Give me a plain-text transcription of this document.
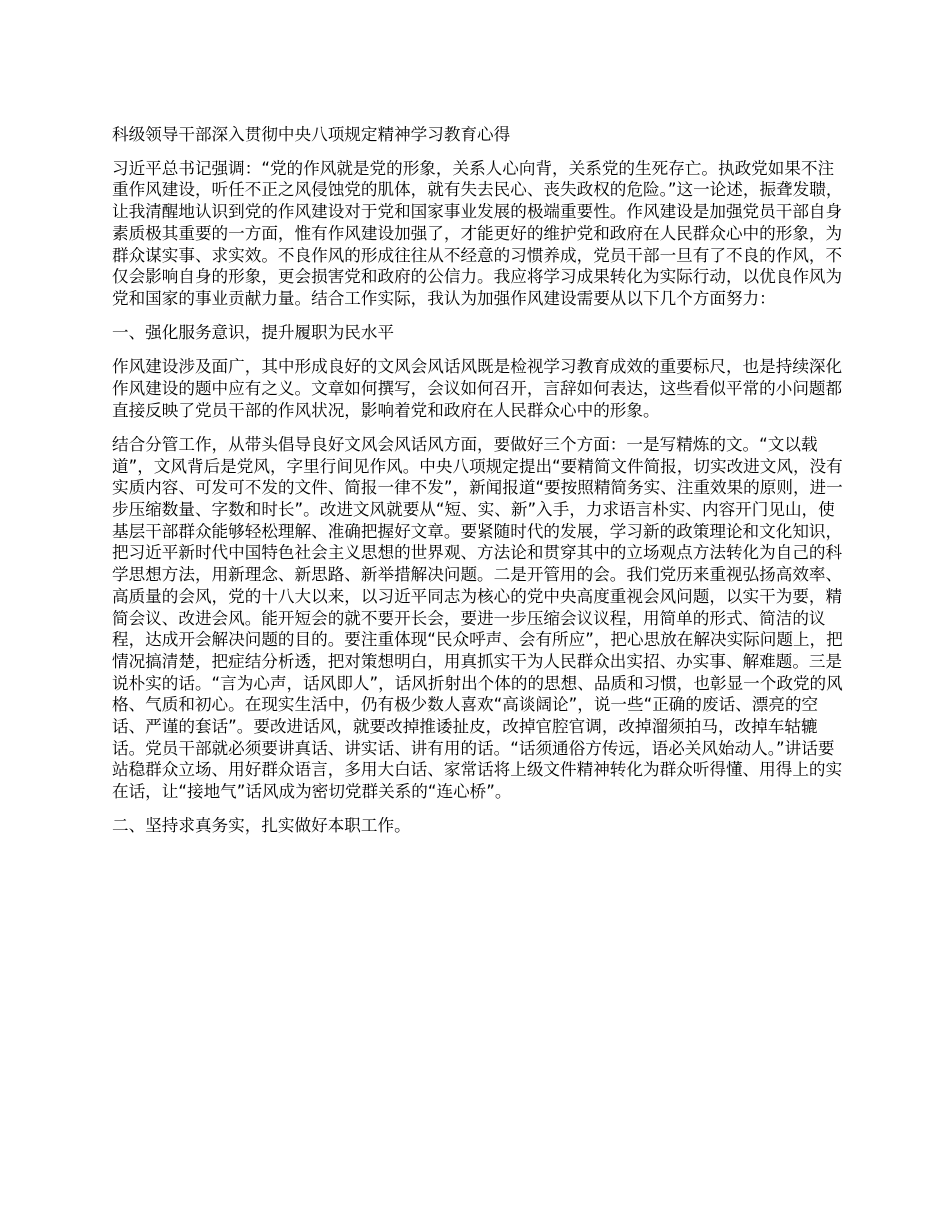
科级领导干部深入贯彻中央八项规定精神学习教育心得
习近平总书记强调：“党的作风就是党的形象，关系人心向背，关系党的生死存亡。执政党如果不注重作风建设，听任不正之风侵蚀党的肌体，就有失去民心、丧失政权的危险。”这一论述，振聋发聩，让我清醒地认识到党的作风建设对于党和国家事业发展的极端重要性。作风建设是加强党员干部自身素质极其重要的一方面，惟有作风建设加强了，才能更好的维护党和政府在人民群众心中的形象，为群众谋实事、求实效。不良作风的形成往往从不经意的习惯养成，党员干部一旦有了不良的作风，不仅会影响自身的形象，更会损害党和政府的公信力。我应将学习成果转化为实际行动，以优良作风为党和国家的事业贡献力量。结合工作实际，我认为加强作风建设需要从以下几个方面努力：
一、强化服务意识，提升履职为民水平
作风建设涉及面广，其中形成良好的文风会风话风既是检视学习教育成效的重要标尺，也是持续深化作风建设的题中应有之义。文章如何撰写，会议如何召开，言辞如何表达，这些看似平常的小问题都直接反映了党员干部的作风状况，影响着党和政府在人民群众心中的形象。
结合分管工作，从带头倡导良好文风会风话风方面，要做好三个方面：一是写精炼的文。“文以载道”，文风背后是党风，字里行间见作风。中央八项规定提出“要精简文件简报，切实改进文风，没有实质内容、可发可不发的文件、简报一律不发”，新闻报道“要按照精简务实、注重效果的原则，进一步压缩数量、字数和时长”。改进文风就要从“短、实、新”入手，力求语言朴实、内容开门见山，使基层干部群众能够轻松理解、准确把握好文章。要紧随时代的发展，学习新的政策理论和文化知识，把习近平新时代中国特色社会主义思想的世界观、方法论和贯穿其中的立场观点方法转化为自己的科学思想方法，用新理念、新思路、新举措解决问题。二是开管用的会。我们党历来重视弘扬高效率、高质量的会风，党的十八大以来，以习近平同志为核心的党中央高度重视会风问题，以实干为要，精简会议、改进会风。能开短会的就不要开长会，要进一步压缩会议议程，用简单的形式、简洁的议程，达成开会解决问题的目的。要注重体现“民众呼声、会有所应”，把心思放在解决实际问题上，把情况搞清楚，把症结分析透，把对策想明白，用真抓实干为人民群众出实招、办实事、解难题。三是说朴实的话。“言为心声，话风即人”，话风折射出个体的的思想、品质和习惯，也彰显一个政党的风格、气质和初心。在现实生活中，仍有极少数人喜欢“高谈阔论”，说一些“正确的废话、漂亮的空话、严谨的套话”。要改进话风，就要改掉推诿扯皮，改掉官腔官调，改掉溜须拍马，改掉车轱辘话。党员干部就必须要讲真话、讲实话、讲有用的话。“话须通俗方传远，语必关风始动人。”讲话要站稳群众立场、用好群众语言，多用大白话、家常话将上级文件精神转化为群众听得懂、用得上的实在话，让“接地气”话风成为密切党群关系的“连心桥”。
二、坚持求真务实，扎实做好本职工作。
